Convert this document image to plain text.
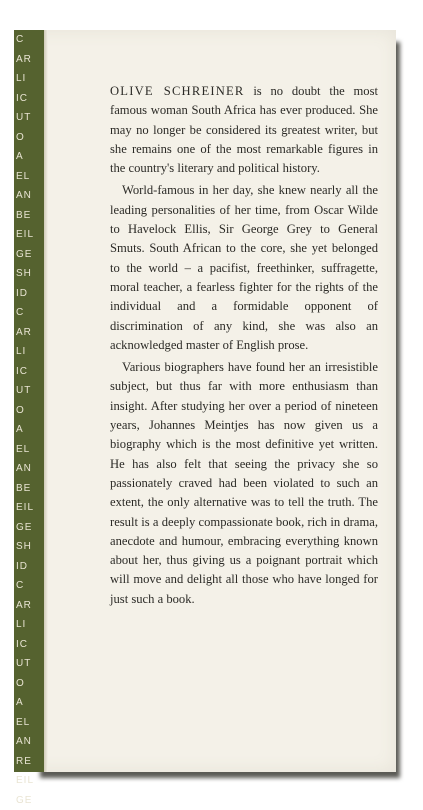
C
AR
LI
IC
UT
O
A
EL
AN
BE
EIL
GE
SH
ID
C
AR
LI
IC
UT
O
A
EL
AN
BE
EIL
GE
SH
ID
C
AR
LI
IC
UT
O
A
EL
AN
RE
EIL
GE

OLIVE SCHREINER is no doubt the most famous woman South Africa has ever produced. She may no longer be considered its greatest writer, but she remains one of the most remarkable figures in the country's literary and political history.

World-famous in her day, she knew nearly all the leading personalities of her time, from Oscar Wilde to Havelock Ellis, Sir George Grey to General Smuts. South African to the core, she yet belonged to the world – a pacifist, freethinker, suffragette, moral teacher, a fearless fighter for the rights of the individual and a formidable opponent of discrimination of any kind, she was also an acknowledged master of English prose.

Various biographers have found her an irresistible subject, but thus far with more enthusiasm than insight. After studying her over a period of nineteen years, Johannes Meintjes has now given us a biography which is the most definitive yet written. He has also felt that seeing the privacy she so passionately craved had been violated to such an extent, the only alternative was to tell the truth. The result is a deeply compassionate book, rich in drama, anecdote and humour, embracing everything known about her, thus giving us a poignant portrait which will move and delight all those who have longed for just such a book.
